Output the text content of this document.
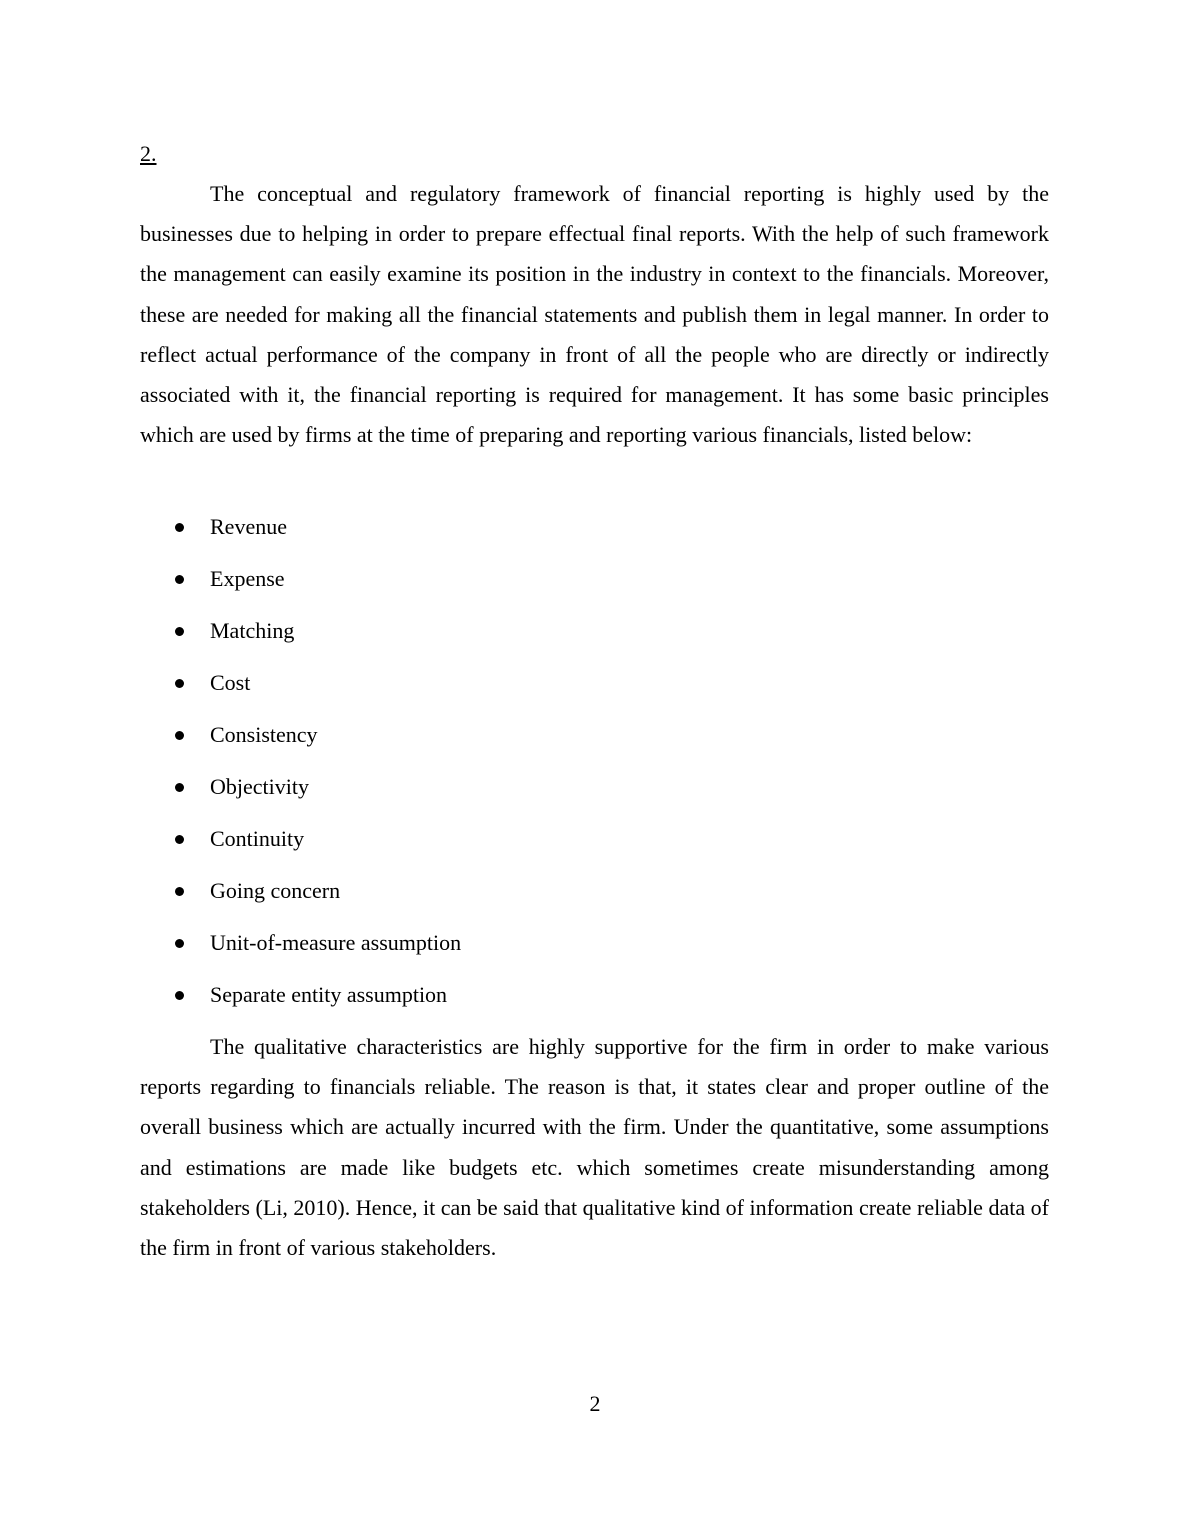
2.

The conceptual and regulatory framework of financial reporting is highly used by the businesses due to helping in order to prepare effectual final reports. With the help of such framework the management can easily examine its position in the industry in context to the financials. Moreover, these are needed for making all the financial statements and publish them in legal manner. In order to reflect actual performance of the company in front of all the people who are directly or indirectly associated with it, the financial reporting is required for management. It has some basic principles which are used by firms at the time of preparing and reporting various financials, listed below:

Revenue
Expense
Matching
Cost
Consistency
Objectivity
Continuity
Going concern
Unit-of-measure assumption
Separate entity assumption

The qualitative characteristics are highly supportive for the firm in order to make various reports regarding to financials reliable. The reason is that, it states clear and proper outline of the overall business which are actually incurred with the firm. Under the quantitative, some assumptions and estimations are made like budgets etc. which sometimes create misunderstanding among stakeholders (Li, 2010). Hence, it can be said that qualitative kind of information create reliable data of the firm in front of various stakeholders.

2
